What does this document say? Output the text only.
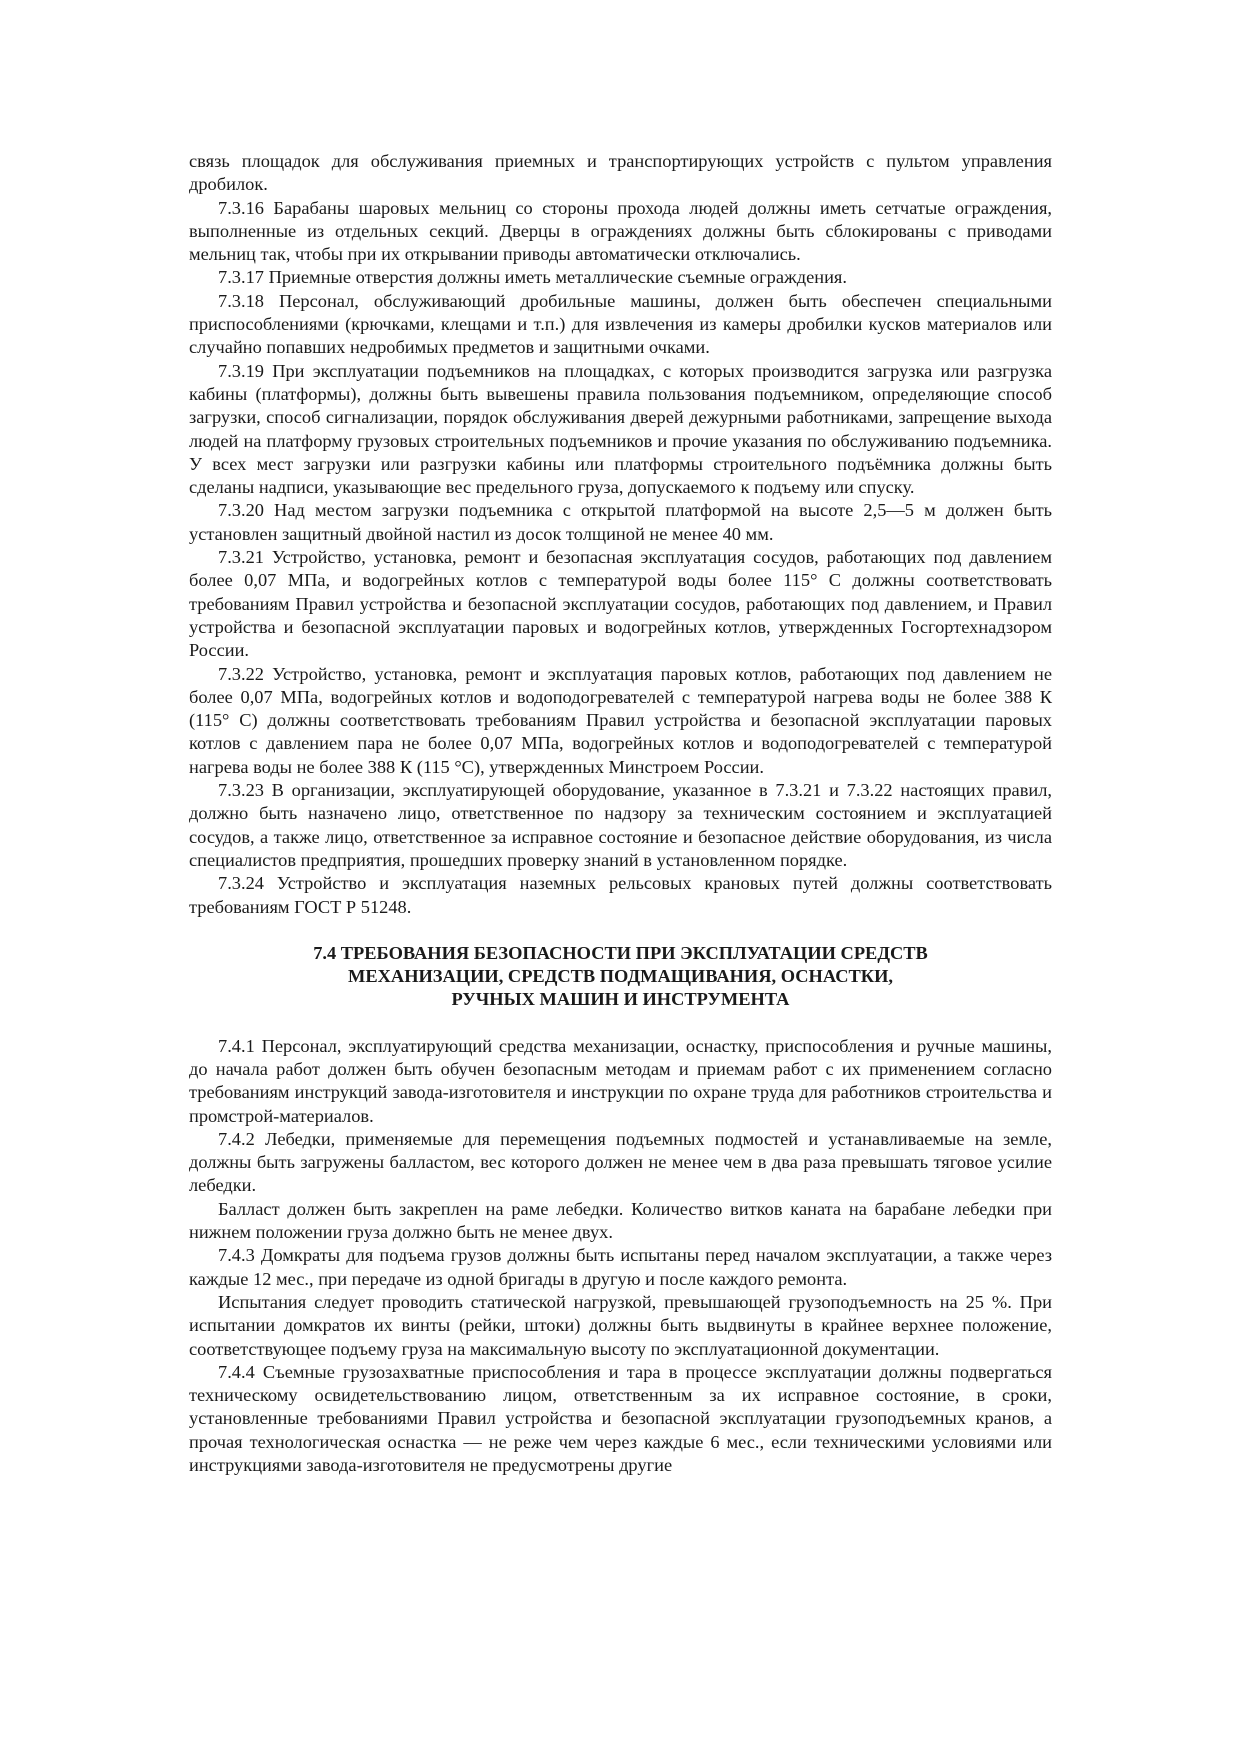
связь площадок для обслуживания приемных и транспортирующих устройств с пультом управления дробилок.

7.3.16 Барабаны шаровых мельниц со стороны прохода людей должны иметь сетчатые ограждения, выполненные из отдельных секций. Дверцы в ограждениях должны быть сблокированы с приводами мельниц так, чтобы при их открывании приводы автоматически отключались.

7.3.17 Приемные отверстия должны иметь металлические съемные ограждения.

7.3.18 Персонал, обслуживающий дробильные машины, должен быть обеспечен специальными приспособлениями (крючками, клещами и т.п.) для извлечения из камеры дробилки кусков материалов или случайно попавших недробимых предметов и защитными очками.

7.3.19 При эксплуатации подъемников на площадках, с которых производится загрузка или разгрузка кабины (платформы), должны быть вывешены правила пользования подъемником, определяющие способ загрузки, способ сигнализации, порядок обслуживания дверей дежурными работниками, запрещение выхода людей на платформу грузовых строительных подъемников и прочие указания по обслуживанию подъемника. У всех мест загрузки или разгрузки кабины или платформы строительного подъёмника должны быть сделаны надписи, указывающие вес предельного груза, допускаемого к подъему или спуску.

7.3.20 Над местом загрузки подъемника с открытой платформой на высоте 2,5—5 м должен быть установлен защитный двойной настил из досок толщиной не менее 40 мм.

7.3.21 Устройство, установка, ремонт и безопасная эксплуатация сосудов, работающих под давлением более 0,07 МПа, и водогрейных котлов с температурой воды более 115° С должны соответствовать требованиям Правил устройства и безопасной эксплуатации сосудов, работающих под давлением, и Правил устройства и безопасной эксплуатации паровых и водогрейных котлов, утвержденных Госгортехнадзором России.

7.3.22 Устройство, установка, ремонт и эксплуатация паровых котлов, работающих под давлением не более 0,07 МПа, водогрейных котлов и водоподогревателей с температурой нагрева воды не более 388 К (115° С) должны соответствовать требованиям Правил устройства и безопасной эксплуатации паровых котлов с давлением пара не более 0,07 МПа, водогрейных котлов и водоподогревателей с температурой нагрева воды не более 388 К (115 °С), утвержденных Минстроем России.

7.3.23 В организации, эксплуатирующей оборудование, указанное в 7.3.21 и 7.3.22 настоящих правил, должно быть назначено лицо, ответственное по надзору за техническим состоянием и эксплуатацией сосудов, а также лицо, ответственное за исправное состояние и безопасное действие оборудования, из числа специалистов предприятия, прошедших проверку знаний в установленном порядке.

7.3.24 Устройство и эксплуатация наземных рельсовых крановых путей должны соответствовать требованиям ГОСТ Р 51248.

7.4 ТРЕБОВАНИЯ БЕЗОПАСНОСТИ ПРИ ЭКСПЛУАТАЦИИ СРЕДСТВ
МЕХАНИЗАЦИИ, СРЕДСТВ ПОДМАЩИВАНИЯ, ОСНАСТКИ,
РУЧНЫХ МАШИН И ИНСТРУМЕНТА

7.4.1 Персонал, эксплуатирующий средства механизации, оснастку, приспособления и ручные машины, до начала работ должен быть обучен безопасным методам и приемам работ с их применением согласно требованиям инструкций завода-изготовителя и инструкции по охране труда для работников строительства и промстрой-материалов.

7.4.2 Лебедки, применяемые для перемещения подъемных подмостей и устанавливаемые на земле, должны быть загружены балластом, вес которого должен не менее чем в два раза превышать тяговое усилие лебедки.

Балласт должен быть закреплен на раме лебедки. Количество витков каната на барабане лебедки при нижнем положении груза должно быть не менее двух.

7.4.3 Домкраты для подъема грузов должны быть испытаны перед началом эксплуатации, а также через каждые 12 мес., при передаче из одной бригады в другую и после каждого ремонта.

Испытания следует проводить статической нагрузкой, превышающей грузоподъемность на 25 %. При испытании домкратов их винты (рейки, штоки) должны быть выдвинуты в крайнее верхнее положение, соответствующее подъему груза на максимальную высоту по эксплуатационной документации.

7.4.4 Съемные грузозахватные приспособления и тара в процессе эксплуатации должны подвергаться техническому освидетельствованию лицом, ответственным за их исправное состояние, в сроки, установленные требованиями Правил устройства и безопасной эксплуатации грузоподъемных кранов, а прочая технологическая оснастка — не реже чем через каждые 6 мес., если техническими условиями или инструкциями завода-изготовителя не предусмотрены другие
